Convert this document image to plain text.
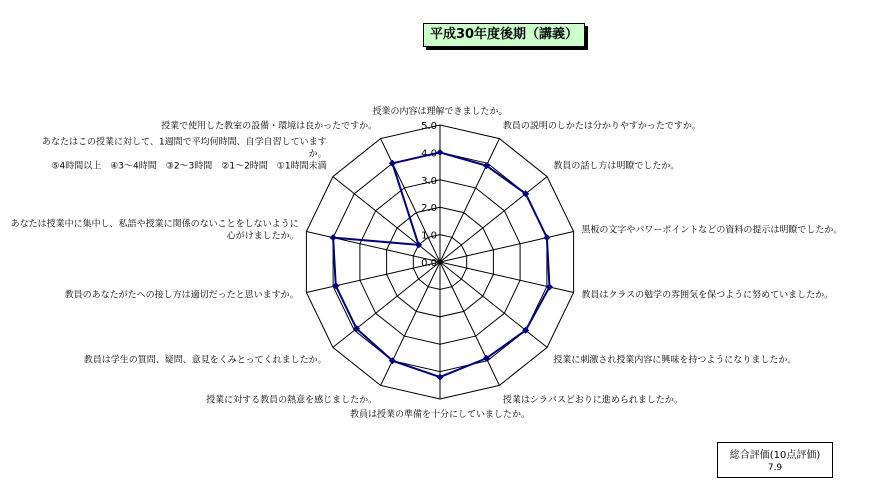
平成30年度後期（講義）
0.0
1.0
2.0
3.0
4.0
5.0
授業の内容は理解できましたか。
教員の説明のしかたは分かりやすかったですか。
教員の話し方は明瞭でしたか。
黒板の文字やパワーポイントなどの資料の提示は明瞭でしたか。
教員はクラスの勉学の雰囲気を保つように努めていましたか。
授業に刺激され授業内容に興味を持つようになりましたか。
授業はシラバスどおりに進められましたか。
教員は授業の準備を十分にしていましたか。
授業に対する教員の熱意を感じましたか。
教員は学生の質問、疑問、意見をくみとってくれましたか。
教員のあなたがたへの接し方は適切だったと思いますか。
あなたは授業中に集中し、私語や授業に関係のないことをしないように心がけましたか。
あなたはこの授業に対して、1週間で平均何時間、自学自習していますか。 ⑤4時間以上　④3～4時間　③2～3時間　②1～2時間　①1時間未満
授業で使用した教室の設備・環境は良かったですか。
総合評価(10点評価)
7.9
